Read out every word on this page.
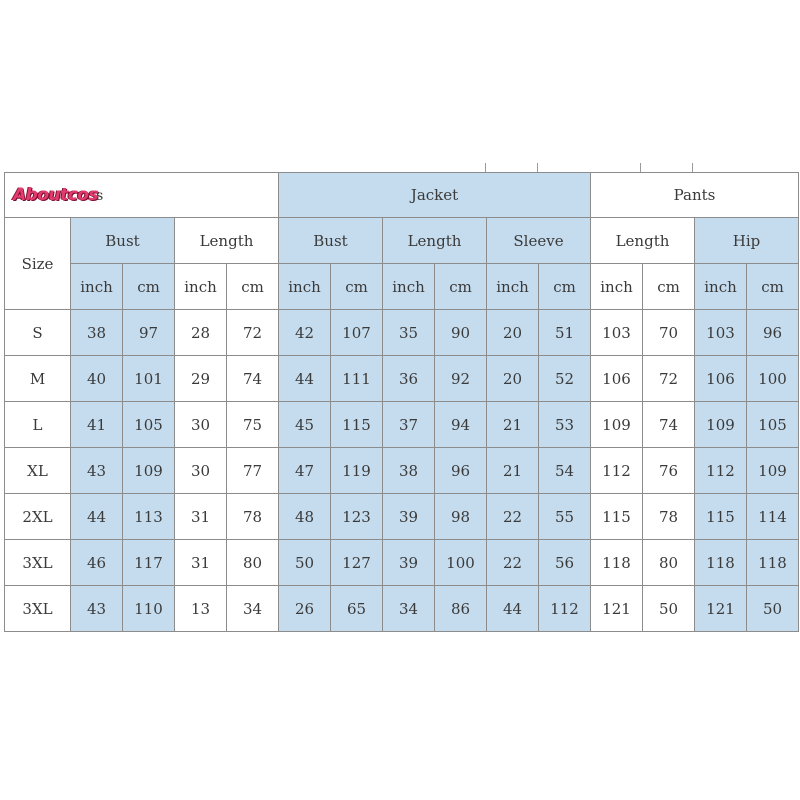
Aboutcoss					Jacket						Pants			
Size	Bust		Length		Bust		Length		Sleeve		Length		Hip	
	inch	cm	inch	cm	inch	cm	inch	cm	inch	cm	inch	cm	inch	cm
S	38	97	28	72	42	107	35	90	20	51	103	70	103	96
M	40	101	29	74	44	111	36	92	20	52	106	72	106	100
L	41	105	30	75	45	115	37	94	21	53	109	74	109	105
XL	43	109	30	77	47	119	38	96	21	54	112	76	112	109
2XL	44	113	31	78	48	123	39	98	22	55	115	78	115	114
3XL	46	117	31	80	50	127	39	100	22	56	118	80	118	118
3XL	43	110	13	34	26	65	34	86	44	112	121	50	121	50
